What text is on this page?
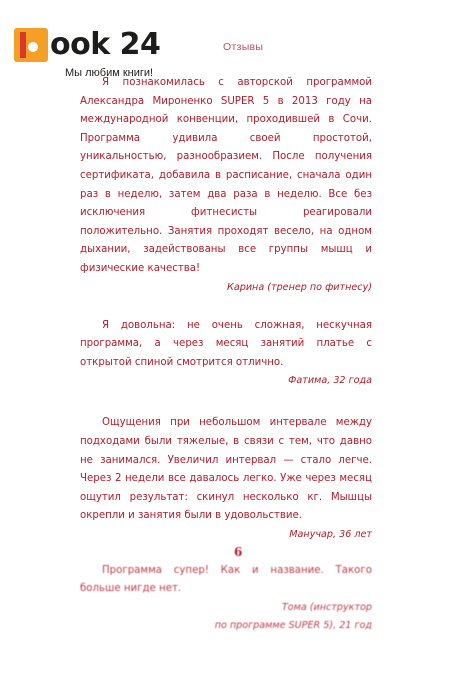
ook 24
Мы любим книги!
Отзывы

Я познакомилась с авторской программой Александра Мироненко SUPER 5 в 2013 году на международной конвенции, проходившей в Сочи. Программа удивила своей простотой, уникальностью, разнообразием. После получения сертификата, добавила в расписание, сначала один раз в неделю, затем два раза в неделю. Все без исключения фитнесисты реагировали положительно. Занятия проходят весело, на одном дыхании, задействованы все группы мышц и физические качества!

Карина (тренер по фитнесу)

Я довольна: не очень сложная, нескучная программа, а через месяц занятий платье с открытой спиной смотрится отлично.

Фатима, 32 года

Ощущения при небольшом интервале между подходами были тяжелые, в связи с тем, что давно не занимался. Увеличил интервал — стало легче. Через 2 недели все давалось легко. Уже через месяц ощутил результат: скинул несколько кг. Мышцы окрепли и занятия были в удовольствие.

Манучар, 36 лет

Программа супер! Как и название. Такого больше нигде нет.

Тома (инструктор
по программе SUPER 5), 21 год
6
